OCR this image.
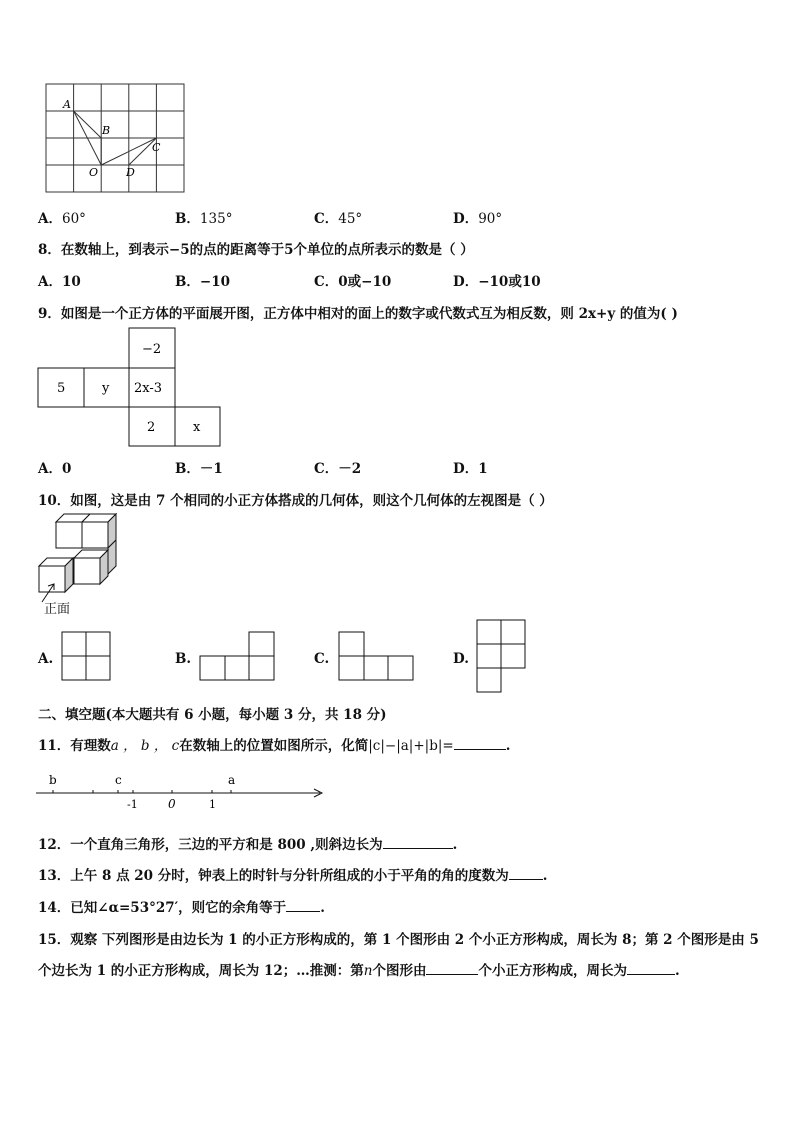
A
B
C
O	D
A．60°	B．135°	C．45°	D．90°
8．在数轴上，到表示−5的点的距离等于5个单位的点所表示的数是（ ）
A．10	B．−10	C．0或−10	D．−10或10
9．如图是一个正方体的平面展开图，正方体中相对的面上的数字或代数式互为相反数，则 2x+y 的值为( )
−2
5	y 2x-3
2	x
A．0	B．－1	C．－2	D．1
10．如图，这是由 7 个相同的小正方体搭成的几何体，则这个几何体的左视图是（ ）
正面
A.	B.	C.	D.
二、填空题(本大题共有 6 小题，每小题 3 分，共 18 分)
11．有理数a ， b ， c在数轴上的位置如图所示，化简|c|−|a|+|b|=	.
b	c	a
-1	0	1
12．一个直角三角形，三边的平方和是 800 ,则斜边长为	.
13．上午 8 点 20 分时，钟表上的时针与分针所组成的小于平角的角的度数为	.
14．已知∠α=53°27′，则它的余角等于	.
15．观察 下列图形是由边长为 1 的小正方形构成的，第 1 个图形由 2 个小正方形构成，周长为 8；第 2 个图形是由 5
个边长为 1 的小正方形构成，周长为 12；…推测：第n个图形由	个小正方形构成，周长为	.
